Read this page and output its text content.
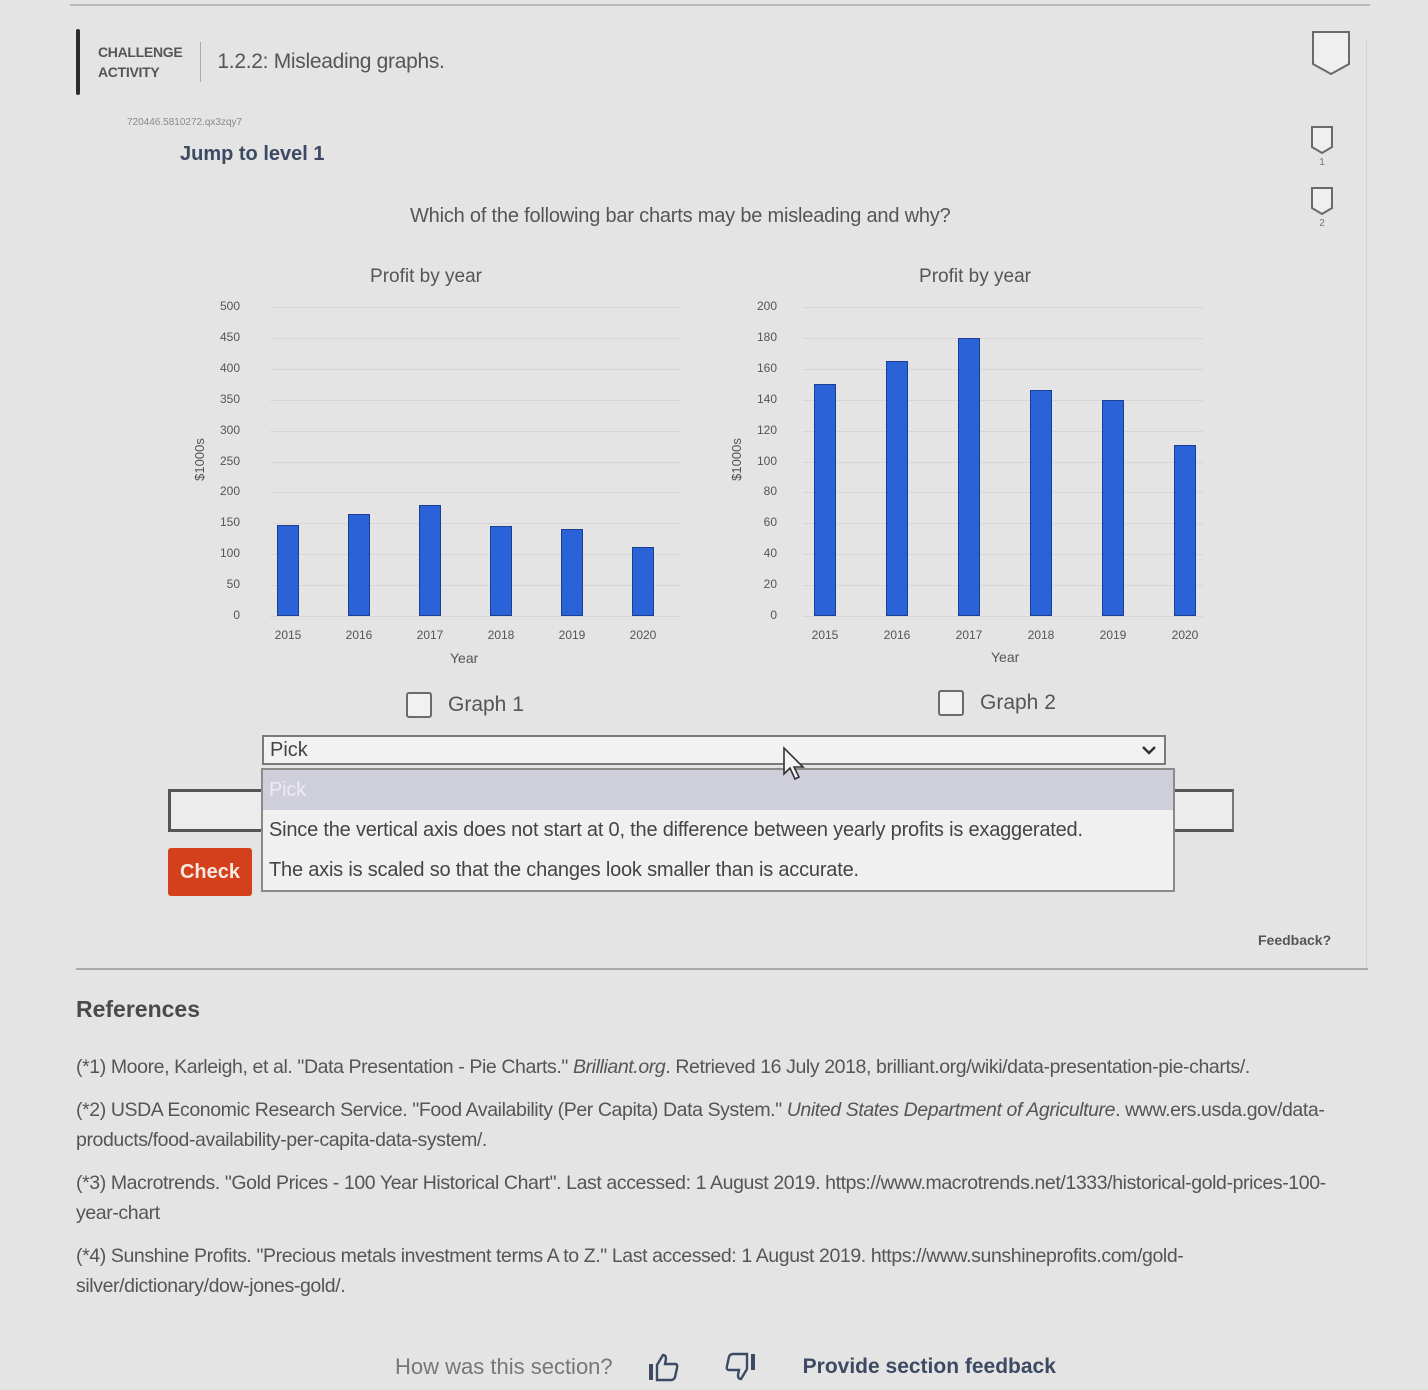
CHALLENGE
ACTIVITY	1.2.2: Misleading graphs.
1
2
720446.5810272.qx3zqy7
Jump to level 1
Which of the following bar charts may be misleading and why?
Profit by year
$1000s
Year
500
450
400
350
300
250
200
150
100
50
0
2015	2016	2017	2018	2019	2020
Profit by year
$1000s
Year
200
180
160
140
120
100
80
60
40
20
0
2015	2016	2017	2018	2019	2020
Graph 1	Graph 2
Check
Pick
Pick
Since the vertical axis does not start at 0, the difference between yearly profits is exaggerated.
The axis is scaled so that the changes look smaller than is accurate.
Feedback?
References
(*1) Moore, Karleigh, et al. "Data Presentation - Pie Charts." Brilliant.org. Retrieved 16 July 2018, brilliant.org/wiki/data-presentation-pie-charts/.
(*2) USDA Economic Research Service. "Food Availability (Per Capita) Data System." United States Department of Agriculture. www.ers.usda.gov/data-products/food-availability-per-capita-data-system/.
(*3) Macrotrends. "Gold Prices - 100 Year Historical Chart". Last accessed: 1 August 2019. https://www.macrotrends.net/1333/historical-gold-prices-100-year-chart
(*4) Sunshine Profits. "Precious metals investment terms A to Z." Last accessed: 1 August 2019. https://www.sunshineprofits.com/gold-silver/dictionary/dow-jones-gold/.
How was this section?	Provide section feedback
